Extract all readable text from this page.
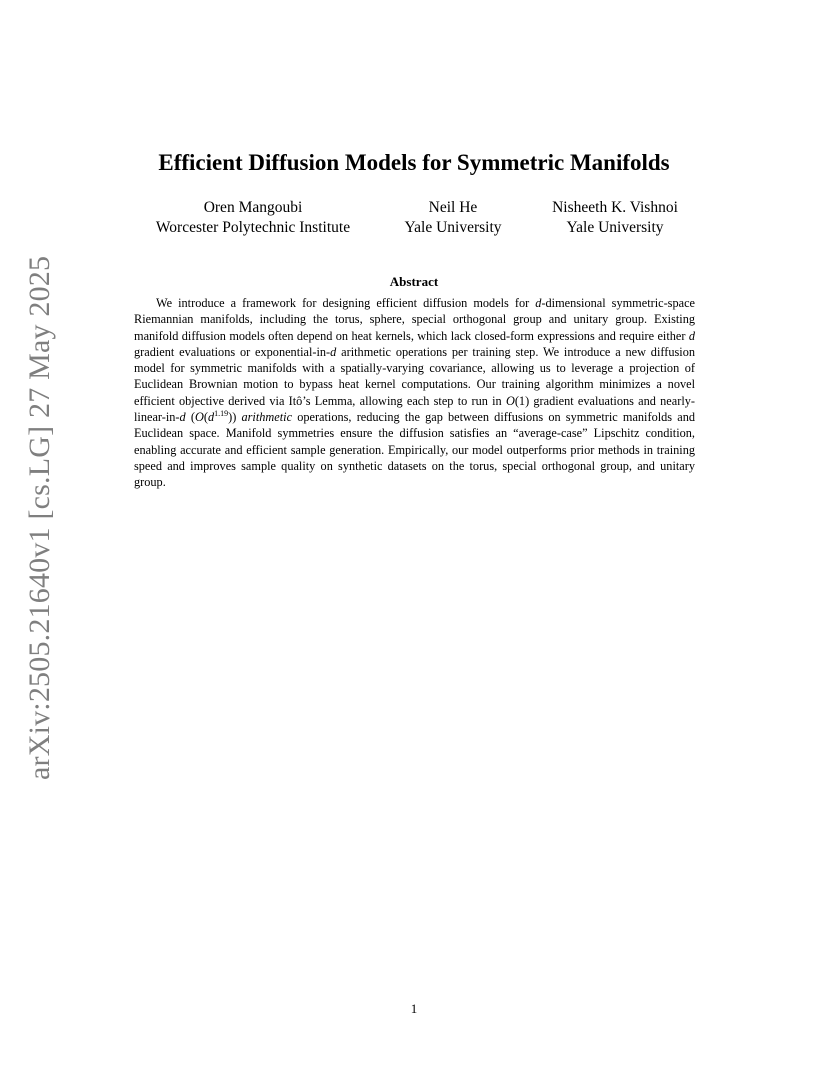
arXiv:2505.21640v1 [cs.LG] 27 May 2025
Efficient Diffusion Models for Symmetric Manifolds
Oren Mangoubi
Worcester Polytechnic Institute
Neil He
Yale University
Nisheeth K. Vishnoi
Yale University
Abstract

We introduce a framework for designing efficient diffusion models for d-dimensional symmetric-space Riemannian manifolds, including the torus, sphere, special orthogonal group and unitary group. Existing manifold diffusion models often depend on heat kernels, which lack closed-form expressions and require either d gradient evaluations or exponential-in-d arithmetic operations per training step. We introduce a new diffusion model for symmetric manifolds with a spatially-varying covariance, allowing us to leverage a projection of Euclidean Brownian motion to bypass heat kernel computations. Our training algorithm minimizes a novel efficient objective derived via Itô’s Lemma, allowing each step to run in O(1) gradient evaluations and nearly-linear-in-d $(O(d^{1.19}))$ arithmetic operations, reducing the gap between diffusions on symmetric manifolds and Euclidean space. Manifold symmetries ensure the diffusion satisfies an “average-case” Lipschitz condition, enabling accurate and efficient sample generation. Empirically, our model outperforms prior methods in training speed and improves sample quality on synthetic datasets on the torus, special orthogonal group, and unitary group.

1
